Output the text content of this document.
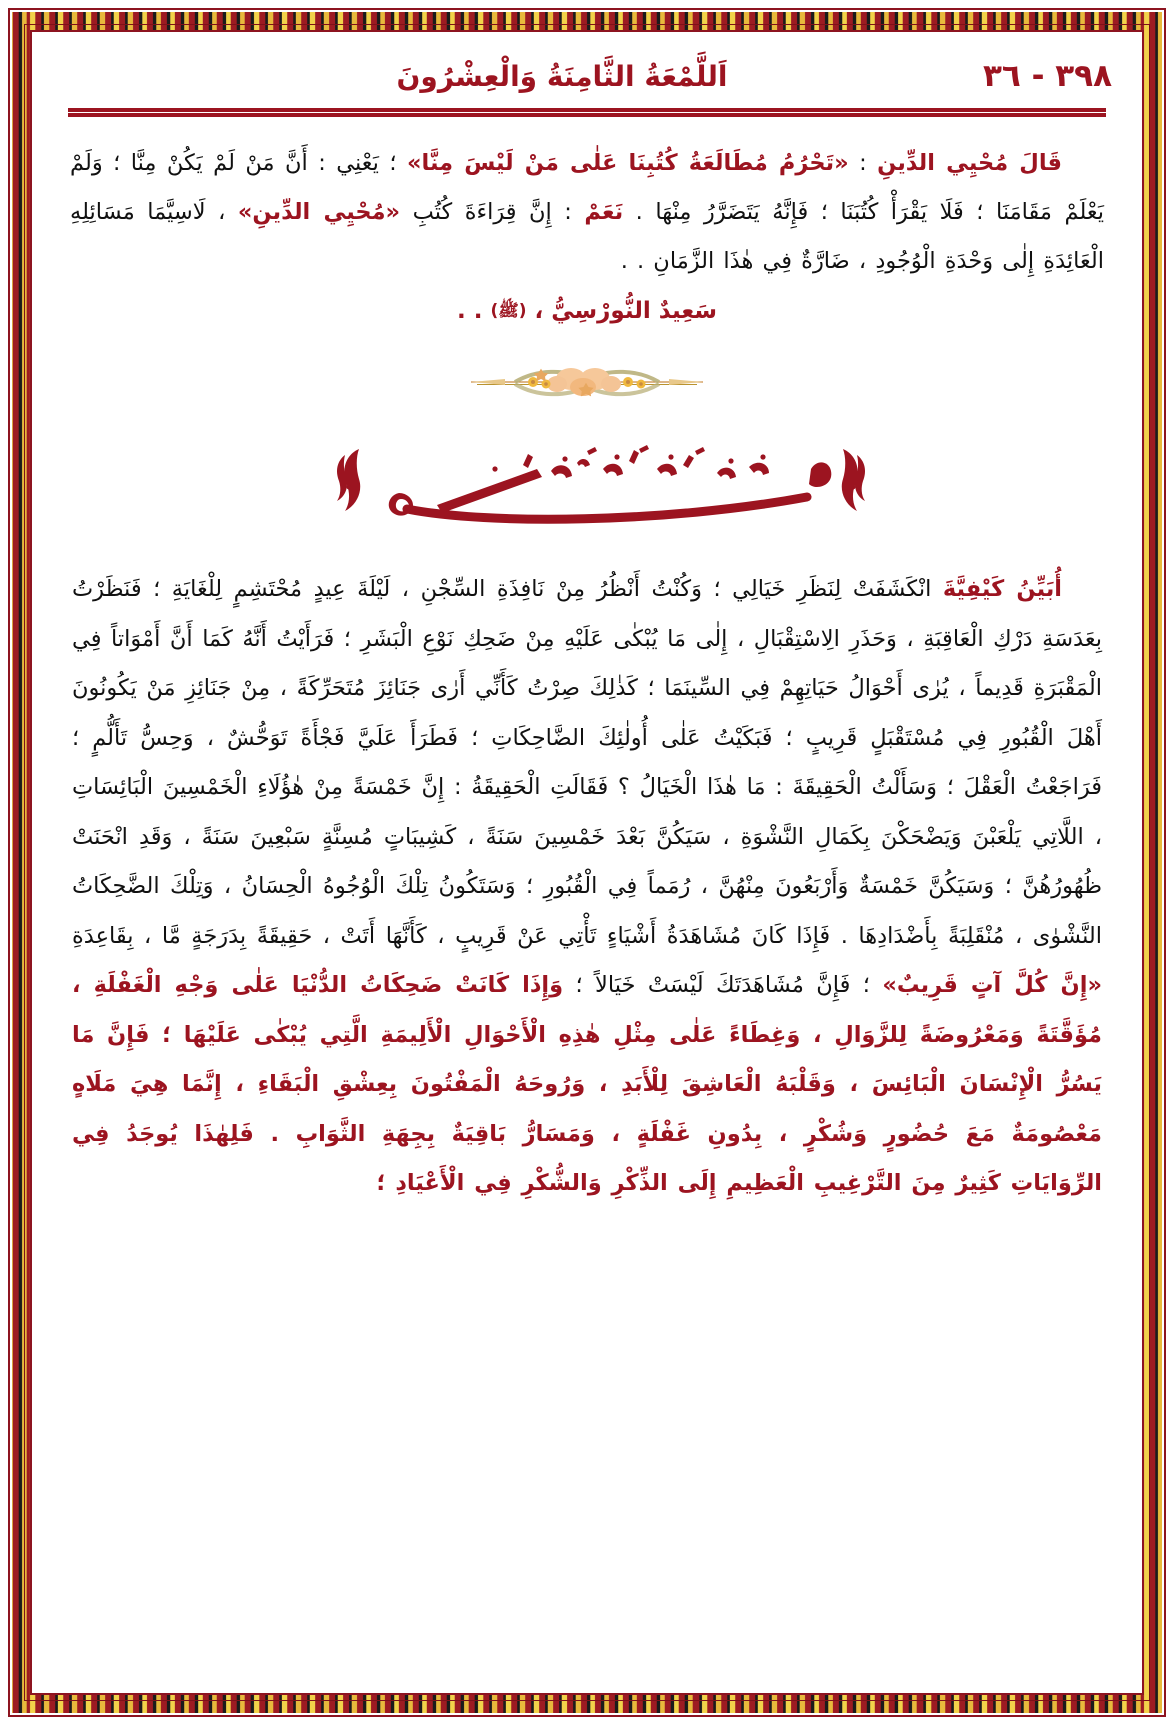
٣٩٨ - ٣٦
اَللَّمْعَةُ الثَّامِنَةُ وَالْعِشْرُونَ

قَالَ مُحْيِي الدِّينِ : «تَحْرُمُ مُطَالَعَةُ كُتُبِنَا عَلٰى مَنْ لَيْسَ مِنَّا» ؛ يَعْنِي : أَنَّ مَنْ لَمْ يَكُنْ مِنَّا ؛ وَلَمْ يَعْلَمْ مَقَامَنَا ؛ فَلَا يَقْرَأْ كُتُبَنَا ؛ فَإِنَّهُ يَتَضَرَّرُ مِنْهَا . نَعَمْ : إِنَّ قِرَاءَةَ كُتُبِ «مُحْيِي الدِّينِ» ، لَاسِيَّمَا مَسَائِلِهِ الْعَائِدَةِ إِلٰى وَحْدَةِ الْوُجُودِ ، ضَارَّةٌ فِي هٰذَا الزَّمَانِ . .

سَعِيدٌ النُّورْسِيُّ ، (ﷺ) . .

أُبَيِّنُ كَيْفِيَّةَ انْكَشَفَتْ لِنَظَرِ خَيَالِي ؛ وَكُنْتُ أَنْظُرُ مِنْ نَافِذَةِ السِّجْنِ ، لَيْلَةَ عِيدٍ مُحْتَشِمٍ لِلْغَايَةِ ؛ فَنَظَرْتُ بِعَدَسَةِ دَرْكِ الْعَاقِبَةِ ، وَحَذَرِ الِاسْتِقْبَالِ ، إِلٰى مَا يُبْكٰى عَلَيْهِ مِنْ ضَحِكِ نَوْعِ الْبَشَرِ ؛ فَرَأَيْتُ أَنَّهُ كَمَا أَنَّ أَمْوَاتاً فِي الْمَقْبَرَةِ قَدِيماً ، يُرٰى أَحْوَالُ حَيَاتِهِمْ فِي السِّينَمَا ؛ كَذٰلِكَ صِرْتُ كَأَنِّي أَرٰى جَنَائِزَ مُتَحَرِّكَةً ، مِنْ جَنَائِزِ مَنْ يَكُونُونَ أَهْلَ الْقُبُورِ فِي مُسْتَقْبَلٍ قَرِيبٍ ؛ فَبَكَيْتُ عَلٰى أُولٰئِكَ الضَّاحِكَاتِ ؛ فَطَرَأَ عَلَيَّ فَجْأَةً تَوَحُّشٌ ، وَحِسُّ تَأَلُّمٍ ؛ فَرَاجَعْتُ الْعَقْلَ ؛ وَسَأَلْتُ الْحَقِيقَةَ : مَا هٰذَا الْخَيَالُ ؟ فَقَالَتِ الْحَقِيقَةُ : إِنَّ خَمْسَةً مِنْ هٰؤُلَاءِ الْخَمْسِينَ الْبَائِسَاتِ ، اللَّاتِي يَلْعَبْنَ وَيَضْحَكْنَ بِكَمَالِ النَّشْوَةِ ، سَيَكُنَّ بَعْدَ خَمْسِينَ سَنَةً ، كَشِيبَاتٍ مُسِنَّةٍ سَبْعِينَ سَنَةً ، وَقَدِ انْحَنَتْ ظُهُورُهُنَّ ؛ وَسَيَكُنَّ خَمْسَةٌ وَأَرْبَعُونَ مِنْهُنَّ ، رُمَماً فِي الْقُبُورِ ؛ وَسَتَكُونُ تِلْكَ الْوُجُوهُ الْحِسَانُ ، وَتِلْكَ الضَّحِكَاتُ النَّشْوٰى ، مُنْقَلِبَةً بِأَضْدَادِهَا . فَإِذَا كَانَ مُشَاهَدَةُ أَشْيَاءٍ تَأْتِي عَنْ قَرِيبٍ ، كَأَنَّهَا أَتَتْ ، حَقِيقَةً بِدَرَجَةٍ مَّا ، بِقَاعِدَةِ «إِنَّ كُلَّ آتٍ قَرِيبٌ» ؛ فَإِنَّ مُشَاهَدَتَكَ لَيْسَتْ خَيَالاً ؛ وَإِذَا كَانَتْ ضَحِكَاتُ الدُّنْيَا عَلٰى وَجْهِ الْغَفْلَةِ ، مُؤَقَّتَةً وَمَعْرُوضَةً لِلزَّوَالِ ، وَغِطَاءً عَلٰى مِثْلِ هٰذِهِ الْأَحْوَالِ الْأَلِيمَةِ الَّتِي يُبْكٰى عَلَيْهَا ؛ فَإِنَّ مَا يَسُرُّ الْإِنْسَانَ الْبَائِسَ ، وَقَلْبَهُ الْعَاشِقَ لِلْأَبَدِ ، وَرُوحَهُ الْمَفْتُونَ بِعِشْقِ الْبَقَاءِ ، إِنَّمَا هِيَ مَلَاهٍ مَعْصُومَةٌ مَعَ حُضُورٍ وَشُكْرٍ ، بِدُونِ غَفْلَةٍ ، وَمَسَارُّ بَاقِيَةٌ بِجِهَةِ الثَّوَابِ . فَلِهٰذَا يُوجَدُ فِي الرِّوَايَاتِ كَثِيرٌ مِنَ التَّرْغِيبِ الْعَظِيمِ إِلَى الذِّكْرِ وَالشُّكْرِ فِي الْأَعْيَادِ ؛
